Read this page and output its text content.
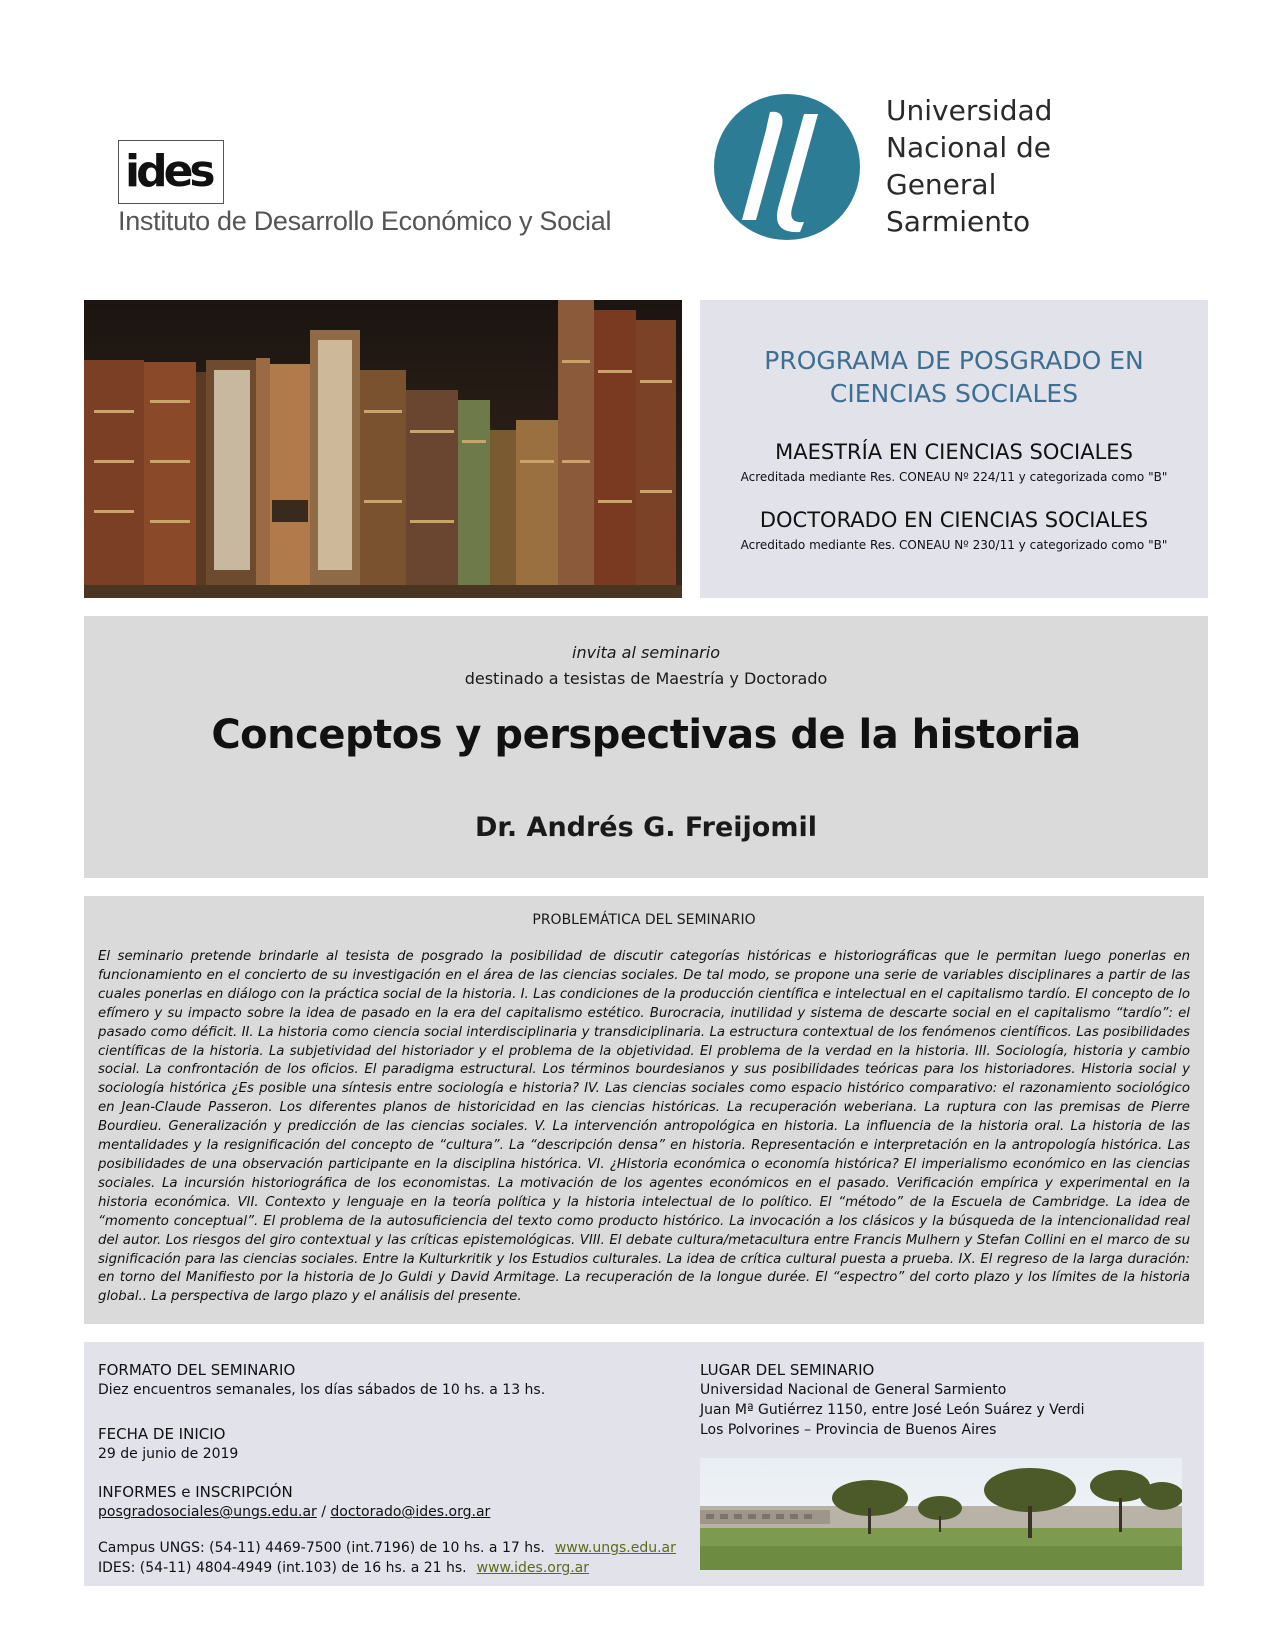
ides
Instituto de Desarrollo Económico y Social
Universidad
Nacional de
General
Sarmiento
PROGRAMA DE POSGRADO EN
CIENCIAS SOCIALES
MAESTRÍA EN CIENCIAS SOCIALES
Acreditada mediante Res. CONEAU Nº 224/11 y categorizada como "B"
DOCTORADO EN CIENCIAS SOCIALES
Acreditado mediante Res. CONEAU Nº 230/11 y categorizado como "B"
invita al seminario
destinado a tesistas de Maestría y Doctorado
Conceptos y perspectivas de la historia
Dr. Andrés G. Freijomil
PROBLEMÁTICA DEL SEMINARIO
El seminario pretende brindarle al tesista de posgrado la posibilidad de discutir categorías históricas e historiográficas que le permitan luego ponerlas en funcionamiento en el concierto de su investigación en el área de las ciencias sociales. De tal modo, se propone una serie de variables disciplinares a partir de las cuales ponerlas en diálogo con la práctica social de la historia. I. Las condiciones de la producción científica e intelectual en el capitalismo tardío. El concepto de lo efímero y su impacto sobre la idea de pasado en la era del capitalismo estético. Burocracia, inutilidad y sistema de descarte social en el capitalismo “tardío”: el pasado como déficit. II. La historia como ciencia social interdisciplinaria y transdiciplinaria. La estructura contextual de los fenómenos científicos. Las posibilidades científicas de la historia. La subjetividad del historiador y el problema de la objetividad. El problema de la verdad en la historia. III. Sociología, historia y cambio social. La confrontación de los oficios. El paradigma estructural. Los términos bourdesianos y sus posibilidades teóricas para los historiadores. Historia social y sociología histórica ¿Es posible una síntesis entre sociología e historia? IV. Las ciencias sociales como espacio histórico comparativo: el razonamiento sociológico en Jean-Claude Passeron. Los diferentes planos de historicidad en las ciencias históricas. La recuperación weberiana. La ruptura con las premisas de Pierre Bourdieu. Generalización y predicción de las ciencias sociales. V. La intervención antropológica en historia. La influencia de la historia oral. La historia de las mentalidades y la resignificación del concepto de “cultura”. La “descripción densa” en historia. Representación e interpretación en la antropología histórica. Las posibilidades de una observación participante en la disciplina histórica. VI. ¿Historia económica o economía histórica? El imperialismo económico en las ciencias sociales. La incursión historiográfica de los economistas. La motivación de los agentes económicos en el pasado. Verificación empírica y experimental en la historia económica. VII. Contexto y lenguaje en la teoría política y la historia intelectual de lo político. El “método” de la Escuela de Cambridge. La idea de “momento conceptual”. El problema de la autosuficiencia del texto como producto histórico. La invocación a los clásicos y la búsqueda de la intencionalidad real del autor. Los riesgos del giro contextual y las críticas epistemológicas. VIII. El debate cultura/metacultura entre Francis Mulhern y Stefan Collini en el marco de su significación para las ciencias sociales. Entre la Kulturkritik y los Estudios culturales. La idea de crítica cultural puesta a prueba. IX. El regreso de la larga duración: en torno del Manifiesto por la historia de Jo Guldi y David Armitage. La recuperación de la longue durée. El “espectro” del corto plazo y los límites de la historia global.. La perspectiva de largo plazo y el análisis del presente.
FORMATO DEL SEMINARIO
Diez encuentros semanales, los días sábados de 10 hs. a 13 hs.
FECHA DE INICIO
29 de junio de 2019
INFORMES e INSCRIPCIÓN
posgradosociales@ungs.edu.ar / doctorado@ides.org.ar
Campus UNGS: (54-11) 4469-7500 (int.7196) de 10 hs. a 17 hs. www.ungs.edu.ar
IDES: (54-11) 4804-4949 (int.103) de 16 hs. a 21 hs. www.ides.org.ar
LUGAR DEL SEMINARIO
Universidad Nacional de General Sarmiento
Juan Mª Gutiérrez 1150, entre José León Suárez y Verdi
Los Polvorines – Provincia de Buenos Aires
